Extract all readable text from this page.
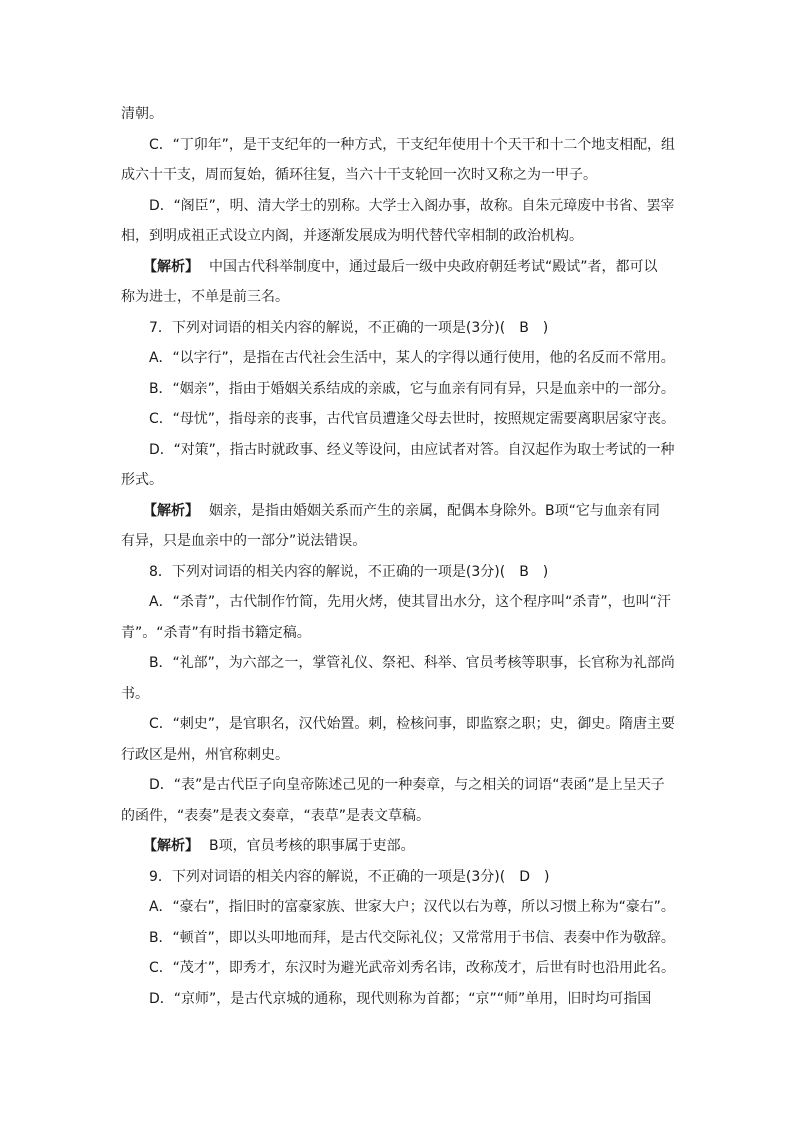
清朝。
C．“丁卯年”，是干支纪年的一种方式，干支纪年使用十个天干和十二个地支相配，组
成六十干支，周而复始，循环往复，当六十干支轮回一次时又称之为一甲子。
D．“阁臣”，明、清大学士的别称。大学士入阁办事，故称。自朱元璋废中书省、罢宰
相，到明成祖正式设立内阁，并逐渐发展成为明代替代宰相制的政治机构。
【解析】 中国古代科举制度中，通过最后一级中央政府朝廷考试“殿试”者，都可以
称为进士，不单是前三名。
7．下列对词语的相关内容的解说，不正确的一项是(3分)(　B　)
A．“以字行”，是指在古代社会生活中，某人的字得以通行使用，他的名反而不常用。
B．“姻亲”，指由于婚姻关系结成的亲戚，它与血亲有同有异，只是血亲中的一部分。
C．“母忧”，指母亲的丧事，古代官员遭逢父母去世时，按照规定需要离职居家守丧。
D．“对策”，指古时就政事、经义等设问，由应试者对答。自汉起作为取士考试的一种
形式。
【解析】 姻亲，是指由婚姻关系而产生的亲属，配偶本身除外。B项“它与血亲有同
有异，只是血亲中的一部分”说法错误。
8．下列对词语的相关内容的解说，不正确的一项是(3分)(　B　)
A．“杀青”，古代制作竹简，先用火烤，使其冒出水分，这个程序叫“杀青”，也叫“汗
青”。“杀青”有时指书籍定稿。
B．“礼部”，为六部之一，掌管礼仪、祭祀、科举、官员考核等职事，长官称为礼部尚
书。
C．“刺史”，是官职名，汉代始置。刺，检核问事，即监察之职；史，御史。隋唐主要
行政区是州，州官称刺史。
D．“表”是古代臣子向皇帝陈述己见的一种奏章，与之相关的词语“表函”是上呈天子
的函件，“表奏”是表文奏章，“表草”是表文草稿。
【解析】 B项，官员考核的职事属于吏部。
9．下列对词语的相关内容的解说，不正确的一项是(3分)(　D　)
A．“豪右”，指旧时的富豪家族、世家大户；汉代以右为尊，所以习惯上称为“豪右”。
B．“顿首”，即以头叩地而拜，是古代交际礼仪；又常常用于书信、表奏中作为敬辞。
C．“茂才”，即秀才，东汉时为避光武帝刘秀名讳，改称茂才，后世有时也沿用此名。
D．“京师”，是古代京城的通称，现代则称为首都；“京”“师”单用，旧时均可指国
